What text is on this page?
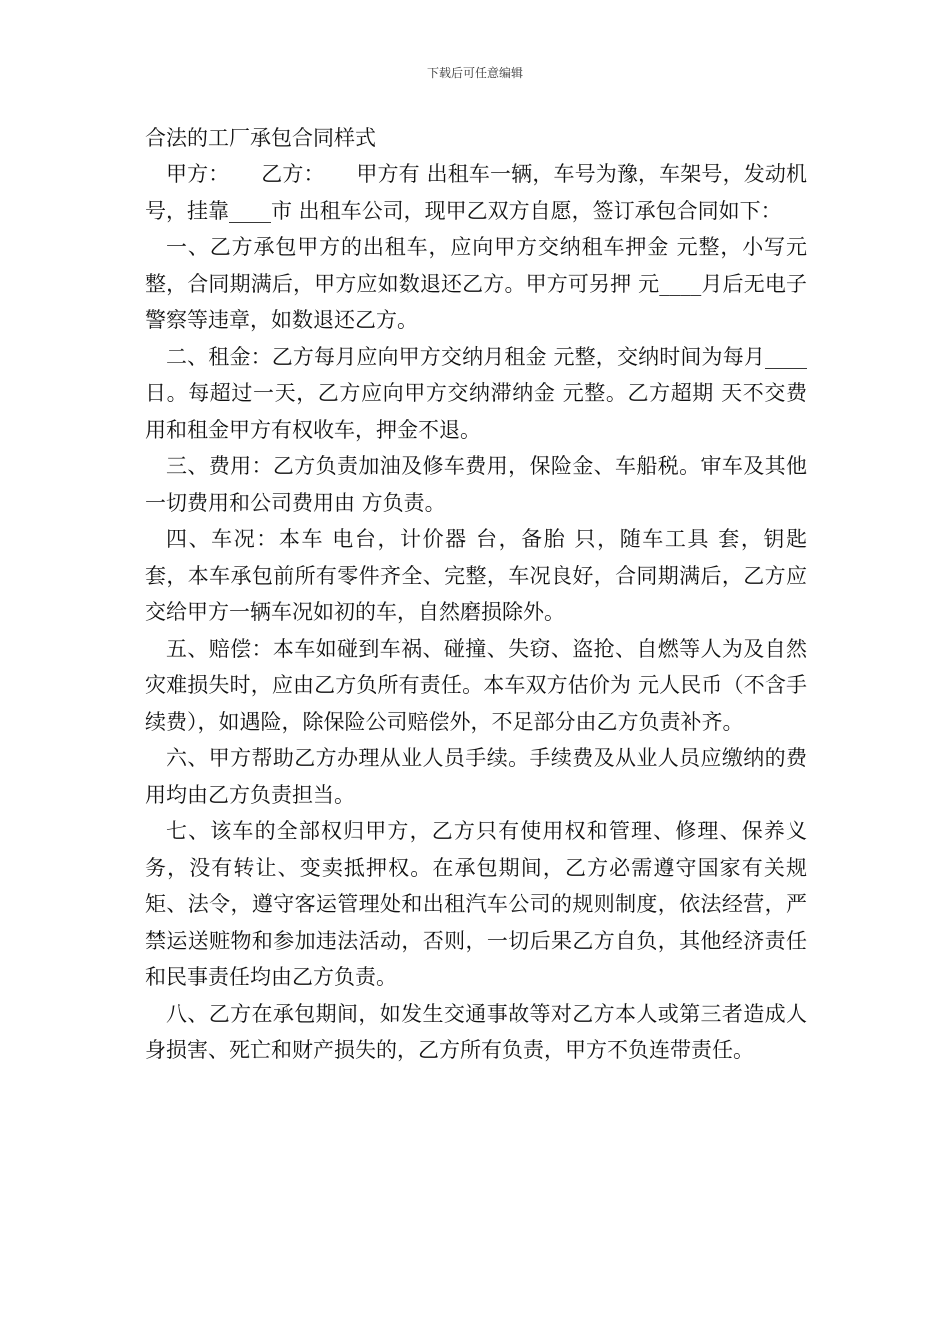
下载后可任意编辑
合法的工厂承包合同样式

甲方：　　乙方：　　甲方有 出租车一辆，车号为豫，车架号，发动机号，挂靠____市 出租车公司，现甲乙双方自愿，签订承包合同如下：

一、乙方承包甲方的出租车，应向甲方交纳租车押金 元整，小写元整，合同期满后，甲方应如数退还乙方。甲方可另押 元____月后无电子警察等违章，如数退还乙方。

二、租金：乙方每月应向甲方交纳月租金 元整，交纳时间为每月____日。每超过一天，乙方应向甲方交纳滞纳金 元整。乙方超期 天不交费用和租金甲方有权收车，押金不退。

三、费用：乙方负责加油及修车费用，保险金、车船税。审车及其他一切费用和公司费用由 方负责。

四、车况：本车 电台，计价器 台，备胎 只，随车工具 套，钥匙 套，本车承包前所有零件齐全、完整，车况良好，合同期满后，乙方应交给甲方一辆车况如初的车，自然磨损除外。

五、赔偿：本车如碰到车祸、碰撞、失窃、盗抢、自燃等人为及自然灾难损失时，应由乙方负所有责任。本车双方估价为 元人民币（不含手续费），如遇险，除保险公司赔偿外，不足部分由乙方负责补齐。

六、甲方帮助乙方办理从业人员手续。手续费及从业人员应缴纳的费用均由乙方负责担当。

七、该车的全部权归甲方，乙方只有使用权和管理、修理、保养义务，没有转让、变卖抵押权。在承包期间，乙方必需遵守国家有关规矩、法令，遵守客运管理处和出租汽车公司的规则制度，依法经营，严禁运送赃物和参加违法活动，否则，一切后果乙方自负，其他经济责任和民事责任均由乙方负责。

八、乙方在承包期间，如发生交通事故等对乙方本人或第三者造成人身损害、死亡和财产损失的，乙方所有负责，甲方不负连带责任。
